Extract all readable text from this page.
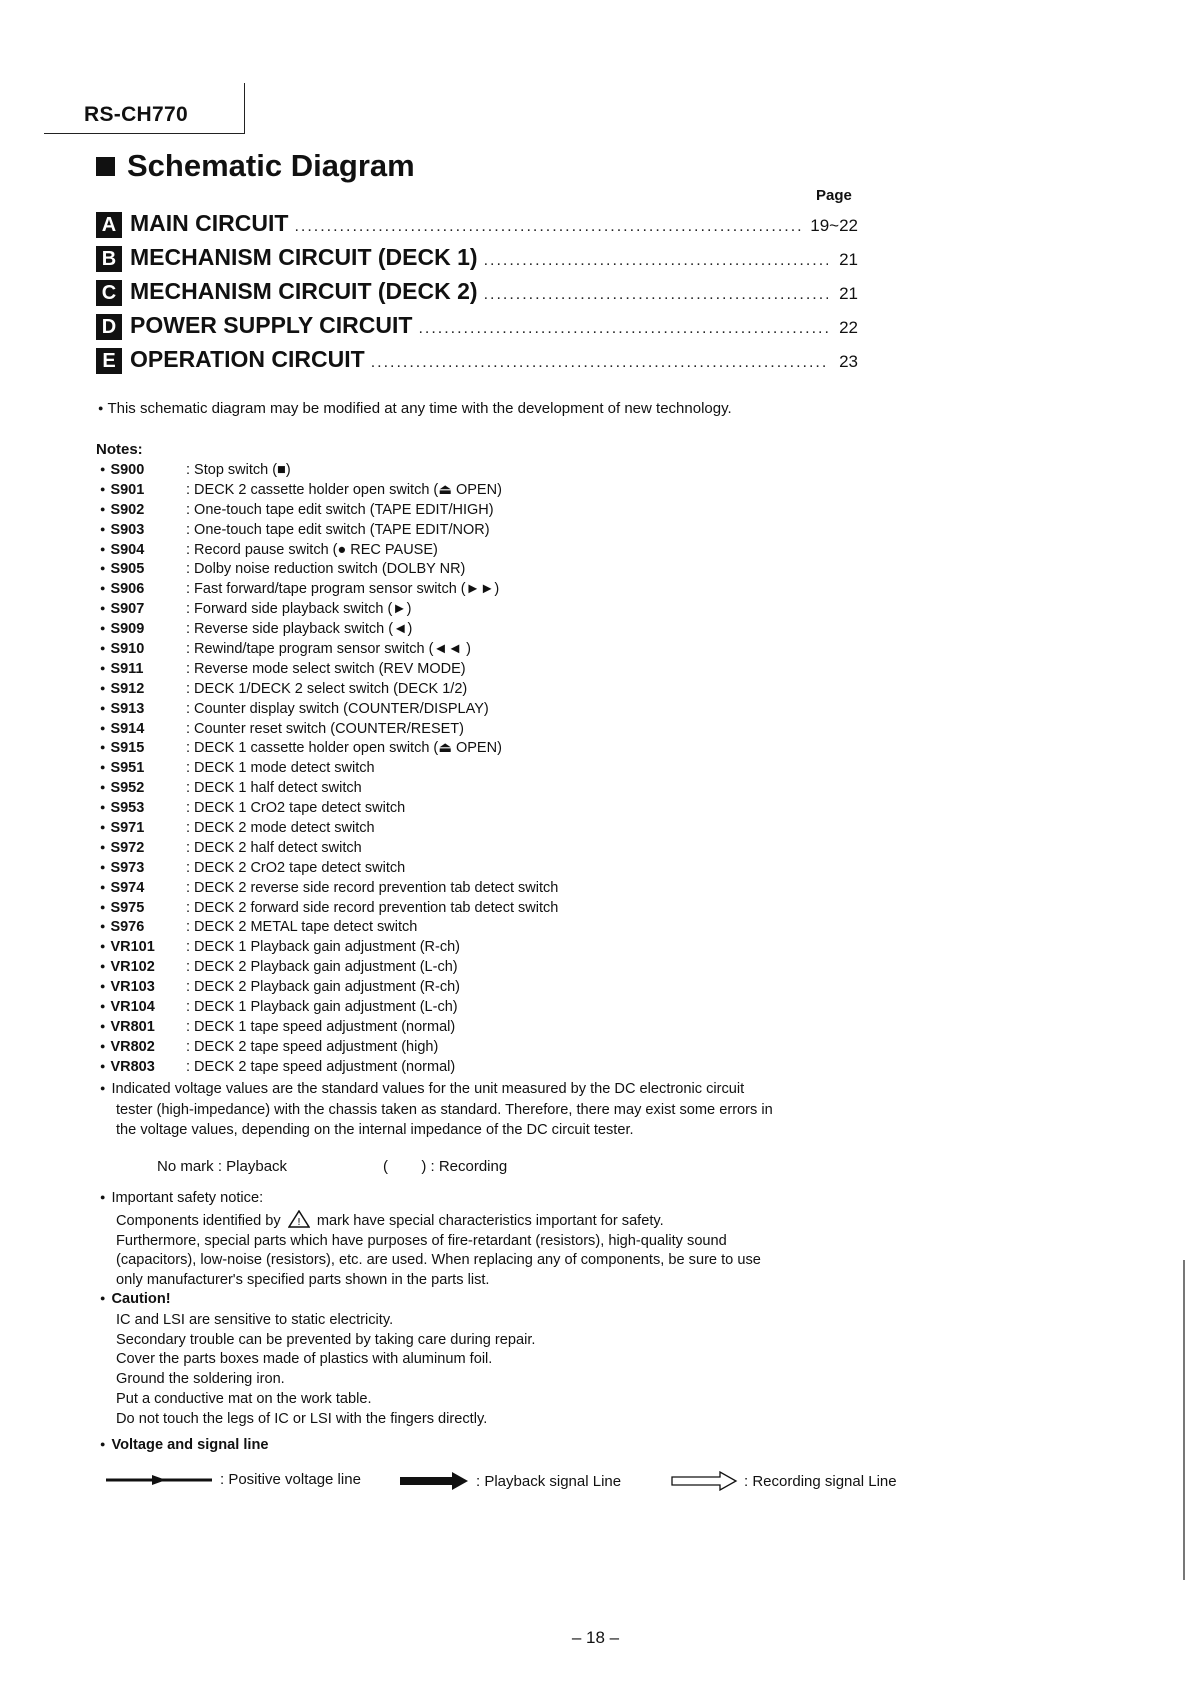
RS-CH770
Schematic Diagram
Page
A MAIN CIRCUIT .....	19~22
B MECHANISM CIRCUIT (DECK 1) .....	21
C MECHANISM CIRCUIT (DECK 2) .....	21
D POWER SUPPLY CIRCUIT .....	22
E OPERATION CIRCUIT .....	23
● This schematic diagram may be modified at any time with the development of new technology.
Notes:
● S900	: Stop switch (■)
● S901	: DECK 2 cassette holder open switch (⏏ OPEN)
● S902	: One-touch tape edit switch (TAPE EDIT/HIGH)
● S903	: One-touch tape edit switch (TAPE EDIT/NOR)
● S904	: Record pause switch (● REC PAUSE)
● S905	: Dolby noise reduction switch (DOLBY NR)
● S906	: Fast forward/tape program sensor switch (►►)
● S907	: Forward side playback switch (►)
● S909	: Reverse side playback switch (◄)
● S910	: Rewind/tape program sensor switch (◄◄ )
● S911	: Reverse mode select switch (REV MODE)
● S912	: DECK 1/DECK 2 select switch (DECK 1/2)
● S913	: Counter display switch (COUNTER/DISPLAY)
● S914	: Counter reset switch (COUNTER/RESET)
● S915	: DECK 1 cassette holder open switch (⏏ OPEN)
● S951	: DECK 1 mode detect switch
● S952	: DECK 1 half detect switch
● S953	: DECK 1 CrO2 tape detect switch
● S971	: DECK 2 mode detect switch
● S972	: DECK 2 half detect switch
● S973	: DECK 2 CrO2 tape detect switch
● S974	: DECK 2 reverse side record prevention tab detect switch
● S975	: DECK 2 forward side record prevention tab detect switch
● S976	: DECK 2 METAL tape detect switch
● VR101	: DECK 1 Playback gain adjustment (R-ch)
● VR102	: DECK 2 Playback gain adjustment (L-ch)
● VR103	: DECK 2 Playback gain adjustment (R-ch)
● VR104	: DECK 1 Playback gain adjustment (L-ch)
● VR801	: DECK 1 tape speed adjustment (normal)
● VR802	: DECK 2 tape speed adjustment (high)
● VR803	: DECK 2 tape speed adjustment (normal)
● Indicated voltage values are the standard values for the unit measured by the DC electronic circuit
tester (high-impedance) with the chassis taken as standard. Therefore, there may exist some errors in
the voltage values, depending on the internal impedance of the DC circuit tester.
No mark : Playback	(        ) : Recording
● Important safety notice:
Components identified by ! mark have special characteristics important for safety.
Furthermore, special parts which have purposes of fire-retardant (resistors), high-quality sound
(capacitors), low-noise (resistors), etc. are used. When replacing any of components, be sure to use
only manufacturer's specified parts shown in the parts list.
● Caution!
IC and LSI are sensitive to static electricity.
Secondary trouble can be prevented by taking care during repair.
Cover the parts boxes made of plastics with aluminum foil.
Ground the soldering iron.
Put a conductive mat on the work table.
Do not touch the legs of IC or LSI with the fingers directly.
● Voltage and signal line
: Positive voltage line	: Playback signal Line	: Recording signal Line
– 18 –
